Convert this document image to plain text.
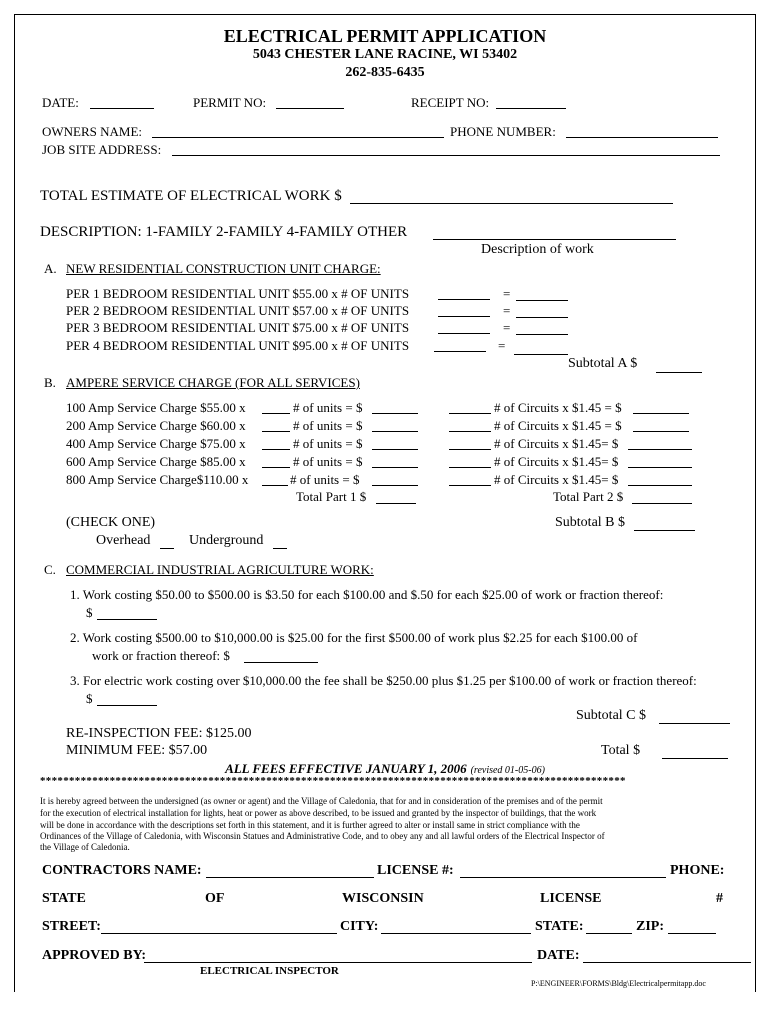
ELECTRICAL PERMIT APPLICATION
5043 CHESTER LANE RACINE, WI 53402
262-835-6435
DATE:	PERMIT NO:	RECEIPT NO:
OWNERS NAME:	PHONE NUMBER:
JOB SITE ADDRESS:
TOTAL ESTIMATE OF ELECTRICAL WORK $
DESCRIPTION: 1-FAMILY 2-FAMILY 4-FAMILY OTHER
Description of work
A. NEW RESIDENTIAL CONSTRUCTION UNIT CHARGE:
PER 1 BEDROOM RESIDENTIAL UNIT $55.00 x # OF UNITS	=
PER 2 BEDROOM RESIDENTIAL UNIT $57.00 x # OF UNITS	=
PER 3 BEDROOM RESIDENTIAL UNIT $75.00 x # OF UNITS	=
PER 4 BEDROOM RESIDENTIAL UNIT $95.00 x # OF UNITS	=
Subtotal A $
B. AMPERE SERVICE CHARGE (FOR ALL SERVICES)
100 Amp Service Charge $55.00 x	# of units = $	# of Circuits x $1.45 = $
200 Amp Service Charge $60.00 x	# of units = $	# of Circuits x $1.45 = $
400 Amp Service Charge $75.00 x	# of units = $	# of Circuits x $1.45= $
600 Amp Service Charge $85.00 x	# of units = $	# of Circuits x $1.45= $
800 Amp Service Charge$110.00 x	# of units = $	# of Circuits x $1.45= $
Total Part 1 $	Total Part 2 $
(CHECK ONE)
Overhead	Underground
Subtotal B $
C. COMMERCIAL INDUSTRIAL AGRICULTURE WORK:
1. Work costing $50.00 to $500.00 is $3.50 for each $100.00 and $.50 for each $25.00 of work or fraction thereof:
$
2. Work costing $500.00 to $10,000.00 is $25.00 for the first $500.00 of work plus $2.25 for each $100.00 of
work or fraction thereof: $
3. For electric work costing over $10,000.00 the fee shall be $250.00 plus $1.25 per $100.00 of work or fraction thereof:
$
Subtotal C $
RE-INSPECTION FEE: $125.00
MINIMUM FEE: $57.00	Total $
ALL FEES EFFECTIVE JANUARY 1, 2006 (revised 01-05-06)
*****************************************************************************************************
It is hereby agreed between the undersigned (as owner or agent) and the Village of Caledonia, that for and in consideration of the premises and of the permit
for the execution of electrical installation for lights, heat or power as above described, to be issued and granted by the inspector of buildings, that the work
will be done in accordance with the descriptions set forth in this statement, and it is further agreed to alter or install same in strict compliance with the
Ordinances of the Village of Caledonia, with Wisconsin Statues and Administrative Code, and to obey any and all lawful orders of the Electrical Inspector of
the Village of Caledonia.
CONTRACTORS NAME:	LICENSE #:	PHONE:
STATE	OF	WISCONSIN	LICENSE	#
STREET:	CITY:	STATE:	ZIP:
APPROVED BY:	DATE:
ELECTRICAL INSPECTOR
P:\ENGINEER\FORMS\Bldg\Electricalpermitapp.doc
